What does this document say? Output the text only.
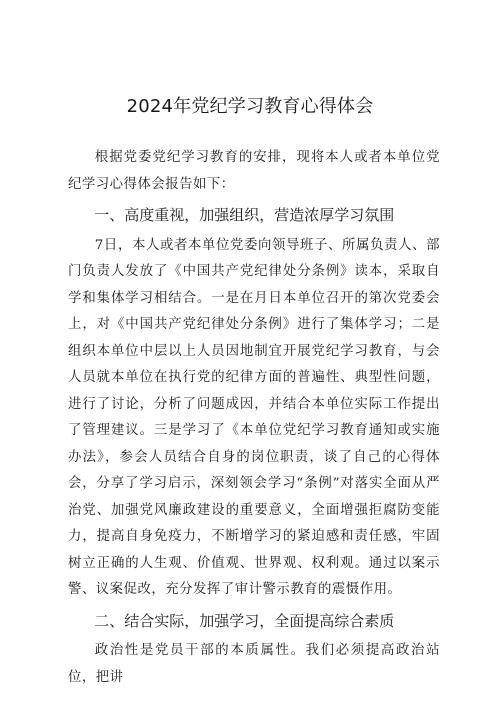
2024年党纪学习教育心得体会

根据党委党纪学习教育的安排，现将本人或者本单位党纪学习心得体会报告如下：

一、高度重视，加强组织，营造浓厚学习氛围

7日，本人或者本单位党委向领导班子、所属负责人、部门负责人发放了《中国共产党纪律处分条例》读本，采取自学和集体学习相结合。一是在月日本单位召开的第次党委会上，对《中国共产党纪律处分条例》进行了集体学习；二是组织本单位中层以上人员因地制宜开展党纪学习教育，与会人员就本单位在执行党的纪律方面的普遍性、典型性问题，进行了讨论，分析了问题成因，并结合本单位实际工作提出了管理建议。三是学习了《本单位党纪学习教育通知或实施办法》，参会人员结合自身的岗位职责，谈了自己的心得体会，分享了学习启示，深刻领会学习“条例”对落实全面从严治党、加强党风廉政建设的重要意义，全面增强拒腐防变能力，提高自身免疫力，不断增学习的紧迫感和责任感，牢固树立正确的人生观、价值观、世界观、权利观。通过以案示警、议案促改，充分发挥了审计警示教育的震慑作用。

二、结合实际，加强学习，全面提高综合素质

政治性是党员干部的本质属性。我们必须提高政治站位，把讲
